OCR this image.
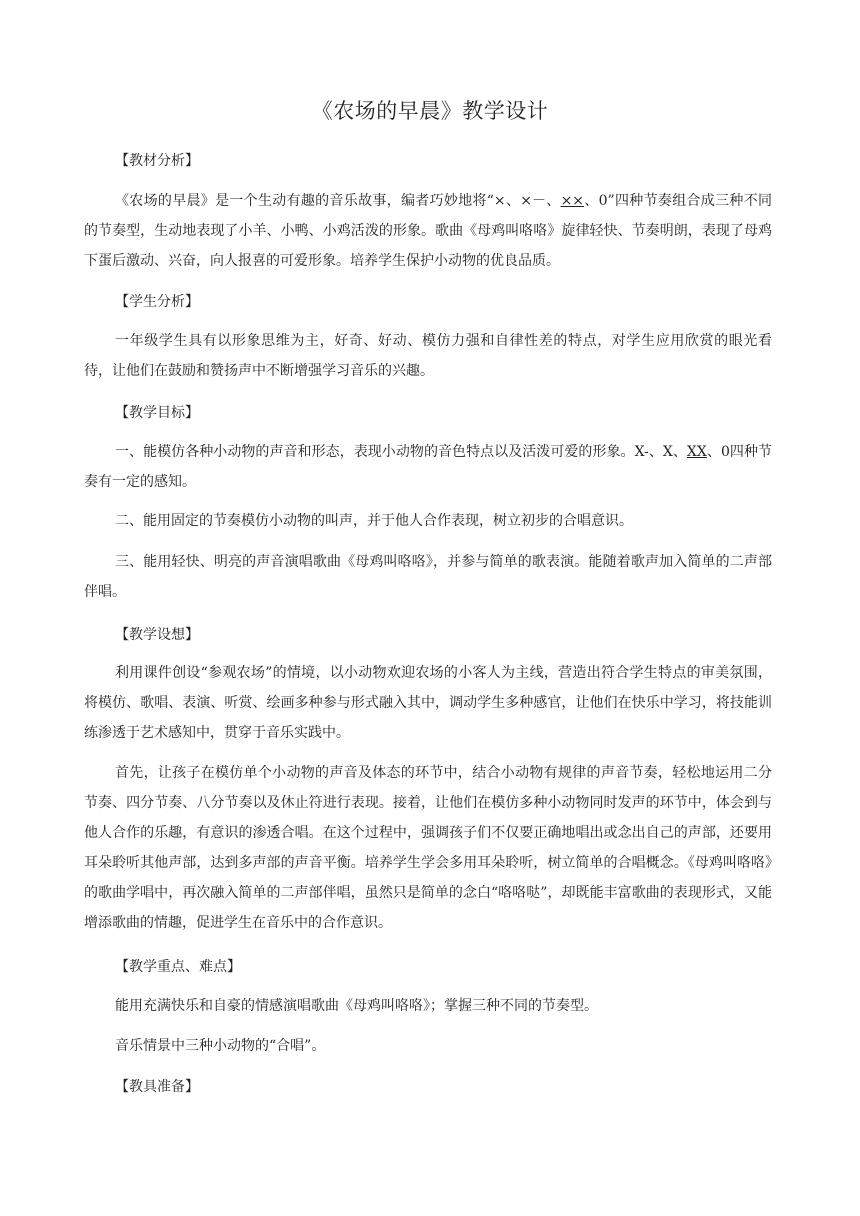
《农场的早晨》教学设计
【教材分析】
《农场的早晨》是一个生动有趣的音乐故事，编者巧妙地将“×、×－、××、0”四种节奏组合成三种不同的节奏型，生动地表现了小羊、小鸭、小鸡活泼的形象。歌曲《母鸡叫咯咯》旋律轻快、节奏明朗，表现了母鸡下蛋后激动、兴奋，向人报喜的可爱形象。培养学生保护小动物的优良品质。
【学生分析】
一年级学生具有以形象思维为主，好奇、好动、模仿力强和自律性差的特点，对学生应用欣赏的眼光看待，让他们在鼓励和赞扬声中不断增强学习音乐的兴趣。
【教学目标】
一、能模仿各种小动物的声音和形态，表现小动物的音色特点以及活泼可爱的形象。X-、X、XX、0四种节奏有一定的感知。
二、能用固定的节奏模仿小动物的叫声，并于他人合作表现，树立初步的合唱意识。
三、能用轻快、明亮的声音演唱歌曲《母鸡叫咯咯》，并参与简单的歌表演。能随着歌声加入简单的二声部伴唱。
【教学设想】
利用课件创设“参观农场”的情境，以小动物欢迎农场的小客人为主线，营造出符合学生特点的审美氛围，将模仿、歌唱、表演、听赏、绘画多种参与形式融入其中，调动学生多种感官，让他们在快乐中学习，将技能训练渗透于艺术感知中，贯穿于音乐实践中。
首先，让孩子在模仿单个小动物的声音及体态的环节中，结合小动物有规律的声音节奏，轻松地运用二分节奏、四分节奏、八分节奏以及休止符进行表现。接着，让他们在模仿多种小动物同时发声的环节中，体会到与他人合作的乐趣，有意识的渗透合唱。在这个过程中，强调孩子们不仅要正确地唱出或念出自己的声部，还要用耳朵聆听其他声部，达到多声部的声音平衡。培养学生学会多用耳朵聆听，树立简单的合唱概念。《母鸡叫咯咯》的歌曲学唱中，再次融入简单的二声部伴唱，虽然只是简单的念白“咯咯哒”，却既能丰富歌曲的表现形式，又能增添歌曲的情趣，促进学生在音乐中的合作意识。
【教学重点、难点】
能用充满快乐和自豪的情感演唱歌曲《母鸡叫咯咯》；掌握三种不同的节奏型。
音乐情景中三种小动物的“合唱”。
【教具准备】
